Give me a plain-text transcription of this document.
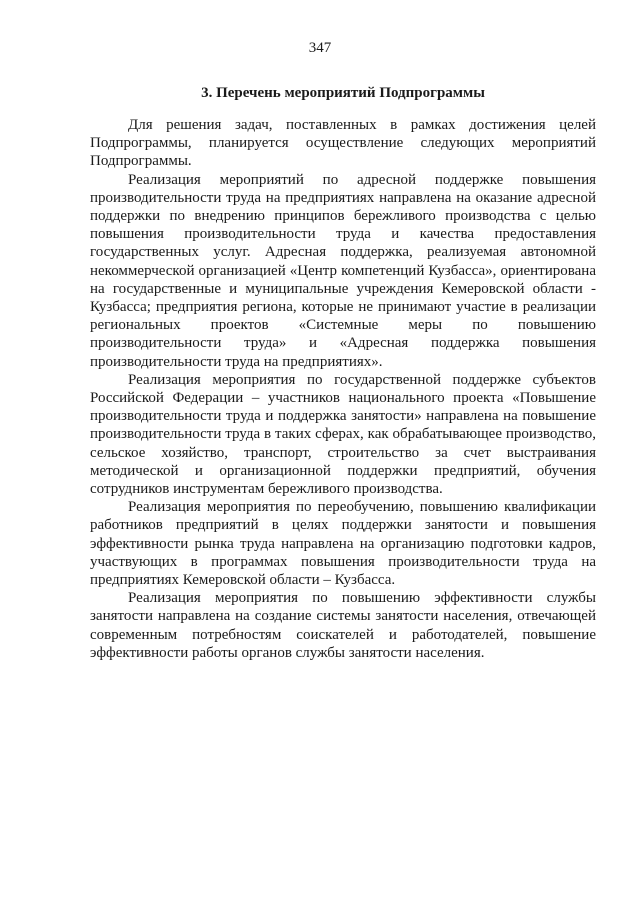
347
3. Перечень мероприятий Подпрограммы

Для решения задач, поставленных в рамках достижения целей Подпрограммы, планируется осуществление следующих мероприятий Подпрограммы.

Реализация мероприятий по адресной поддержке повышения производительности труда на предприятиях направлена на оказание адресной поддержки по внедрению принципов бережливого производства с целью повышения производительности труда и качества предоставления государственных услуг. Адресная поддержка, реализуемая автономной некоммерческой организацией «Центр компетенций Кузбасса», ориентирована на государственные и муниципальные учреждения Кемеровской области - Кузбасса; предприятия региона, которые не принимают участие в реализации региональных проектов «Системные меры по повышению производительности труда» и «Адресная поддержка повышения производительности труда на предприятиях».

Реализация мероприятия по государственной поддержке субъектов Российской Федерации – участников национального проекта «Повышение производительности труда и поддержка занятости» направлена на повышение производительности труда в таких сферах, как обрабатывающее производство, сельское хозяйство, транспорт, строительство за счет выстраивания методической и организационной поддержки предприятий, обучения сотрудников инструментам бережливого производства.

Реализация мероприятия по переобучению, повышению квалификации работников предприятий в целях поддержки занятости и повышения эффективности рынка труда направлена на организацию подготовки кадров, участвующих в программах повышения производительности труда на предприятиях Кемеровской области – Кузбасса.

Реализация мероприятия по повышению эффективности службы занятости направлена на создание системы занятости населения, отвечающей современным потребностям соискателей и работодателей, повышение эффективности работы органов службы занятости населения.
